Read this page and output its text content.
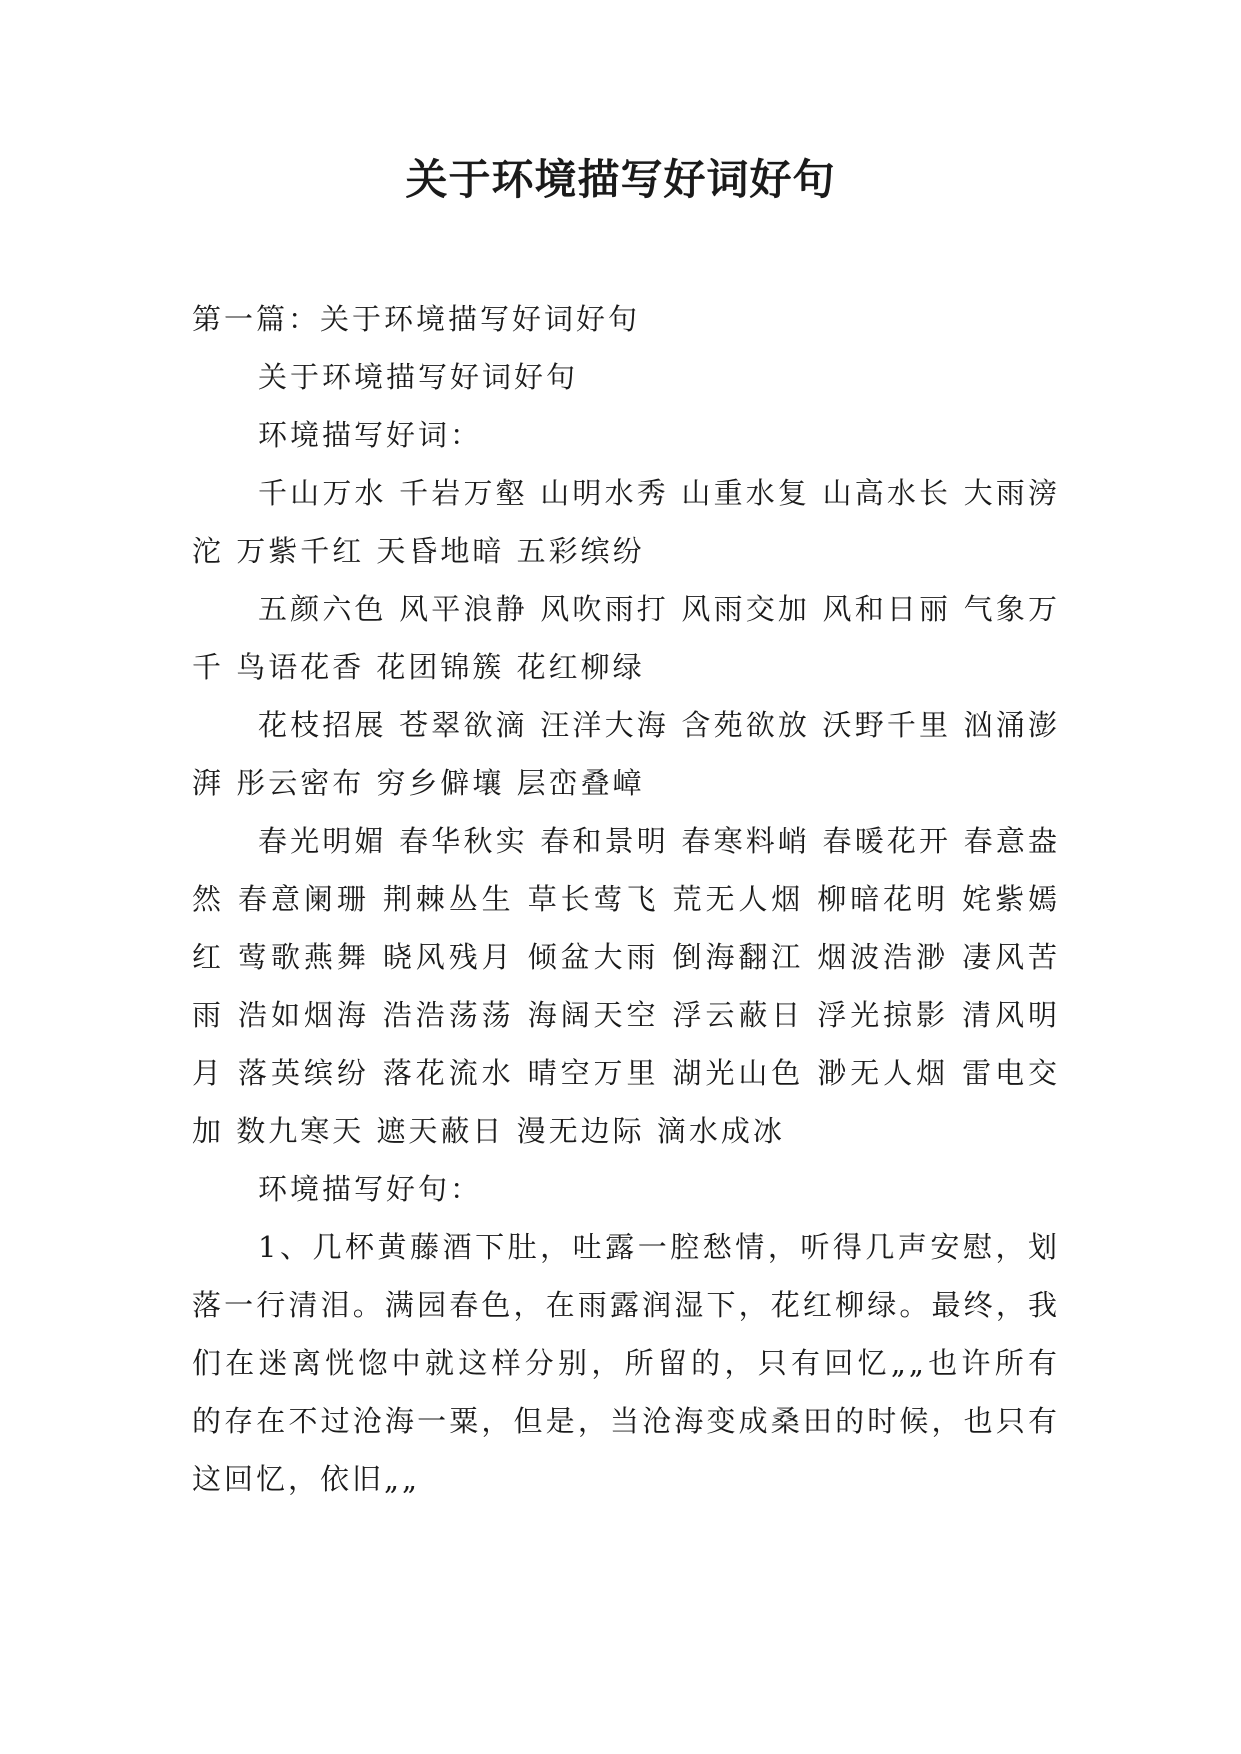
关于环境描写好词好句

第一篇：关于环境描写好词好句

关于环境描写好词好句

环境描写好词：

千山万水 千岩万壑 山明水秀 山重水复 山高水长 大雨滂沱 万紫千红 天昏地暗 五彩缤纷

五颜六色 风平浪静 风吹雨打 风雨交加 风和日丽 气象万千 鸟语花香 花团锦簇 花红柳绿

花枝招展 苍翠欲滴 汪洋大海 含苑欲放 沃野千里 汹涌澎湃 彤云密布 穷乡僻壤 层峦叠嶂

春光明媚 春华秋实 春和景明 春寒料峭 春暖花开 春意盎然 春意阑珊 荆棘丛生 草长莺飞 荒无人烟 柳暗花明 姹紫嫣红 莺歌燕舞 晓风残月 倾盆大雨 倒海翻江 烟波浩渺 凄风苦雨 浩如烟海 浩浩荡荡 海阔天空 浮云蔽日 浮光掠影 清风明月 落英缤纷 落花流水 晴空万里 湖光山色 渺无人烟 雷电交加 数九寒天 遮天蔽日 漫无边际 滴水成冰

环境描写好句：

1、几杯黄藤酒下肚，吐露一腔愁情，听得几声安慰，划落一行清泪。满园春色，在雨露润湿下，花红柳绿。最终，我们在迷离恍惚中就这样分别，所留的，只有回忆„„也许所有的存在不过沧海一粟，但是，当沧海变成桑田的时候，也只有这回忆，依旧„„
